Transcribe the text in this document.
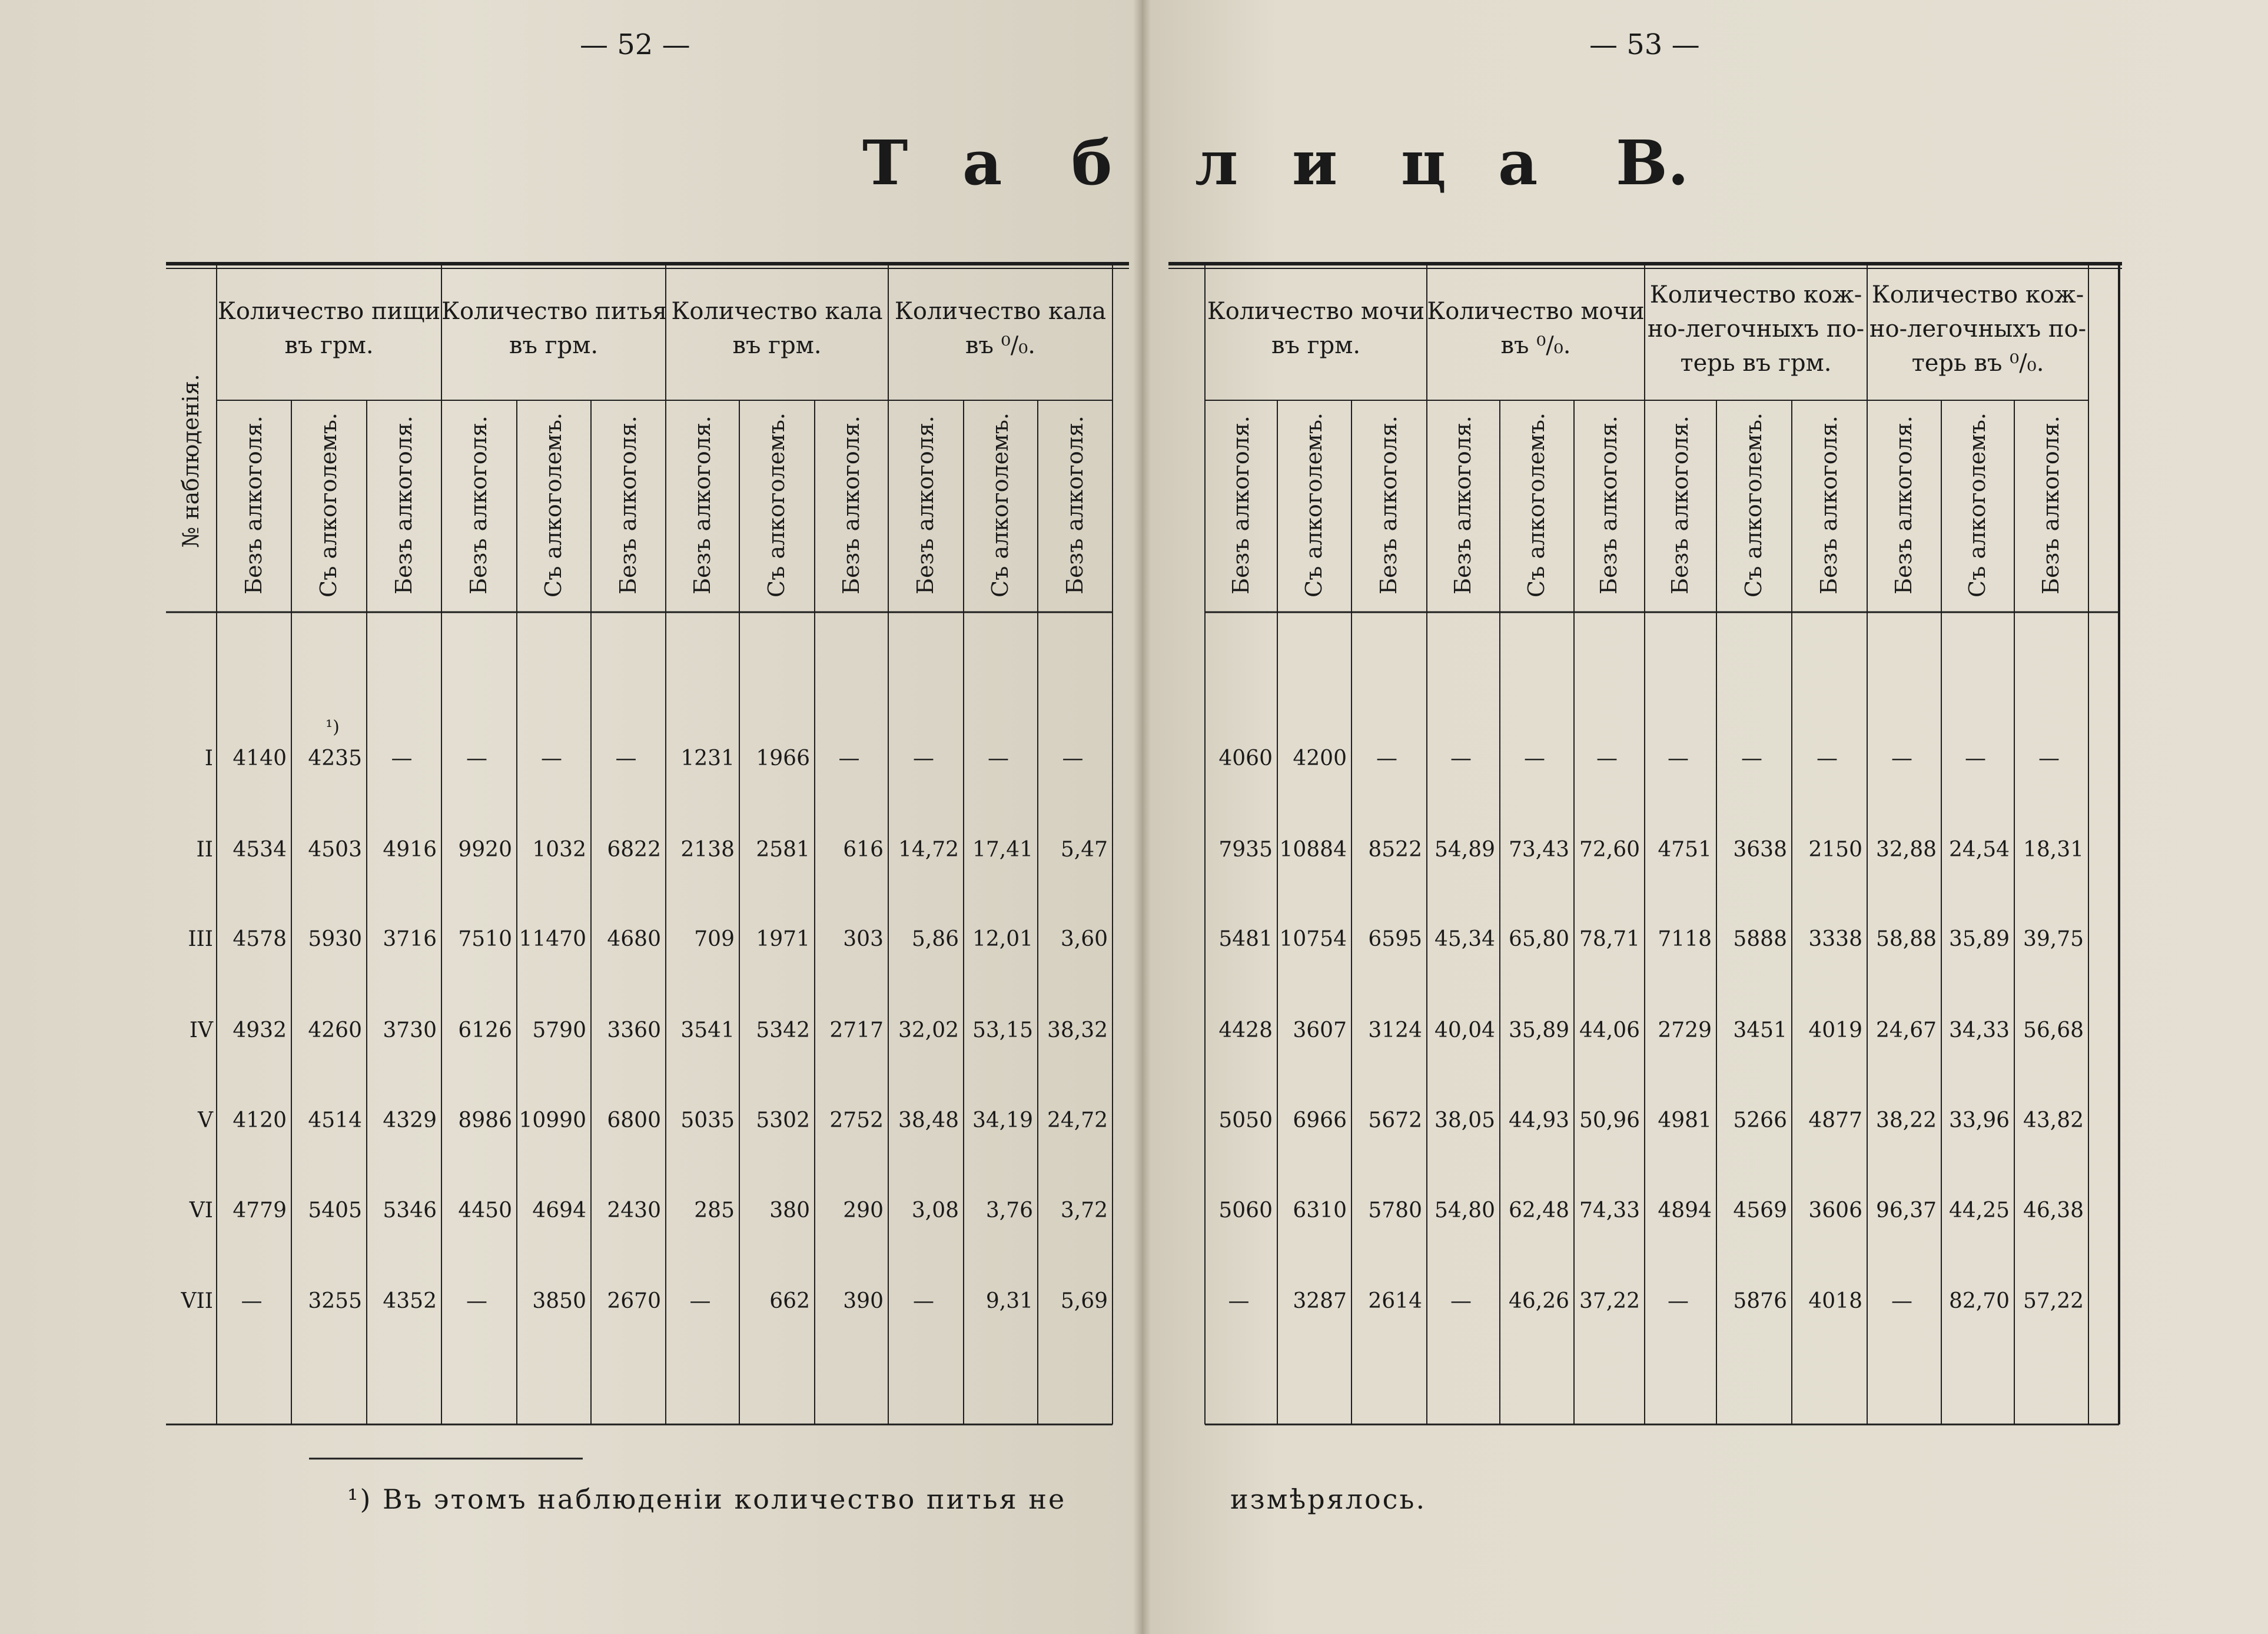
— 52 —	— 53 —
Т а б л и ц а В.
№ наблюденія.
Количество пищи
въ грм.
Количество питья
въ грм.
Количество кала
въ грм.
Количество кала
въ ⁰/₀.
Количество мочи
въ грм.
Количество мочи
въ ⁰/₀.
Количество кож-
но-легочныхъ по-
терь въ грм.
Количество кож-
но-легочныхъ по-
терь въ ⁰/₀.
Безъ алкоголя. Съ алкоголемъ. Безъ алкоголя. Безъ алкоголя. Съ алкоголемъ. Безъ алкоголя. Безъ алкоголя. Съ алкоголемъ. Безъ алкоголя. Безъ алкоголя. Съ алкоголемъ. Безъ алкоголя.	Безъ алкоголя. Съ алкоголемъ. Безъ алкоголя. Безъ алкоголя. Съ алкоголемъ. Безъ алкоголя. Безъ алкоголя. Съ алкоголемъ. Безъ алкоголя. Безъ алкоголя. Съ алкоголемъ. Безъ алкоголя.
¹)
I 4140	4235	—	—	—	—	1231	1966	—	—	—	—	4060 4200	—	—	—	—	—	—	—	—	—	—
II 4534	4503 4916	9920 1032 6822 2138	2581	616 14,72 17,41	5,47	7935 10884	8522 54,89 73,43 72,60 4751	3638	2150 32,88 24,54 18,31
III 4578	5930 3716	7510 11470 4680	709	1971	303	5,86 12,01	3,60	5481 10754	6595 45,34 65,80 78,71 7118	5888	3338 58,88 35,89 39,75
IV 4932	4260 3730	6126 5790 3360 3541	5342 2717 32,02 53,15 38,32	4428 3607	3124 40,04 35,89 44,06 2729	3451	4019 24,67 34,33 56,68
V 4120	4514 4329	8986 10990 6800 5035	5302 2752 38,48 34,19 24,72	5050 6966	5672 38,05 44,93 50,96 4981	5266	4877 38,22 33,96 43,82
VI 4779	5405 5346	4450 4694 2430	285	380	290	3,08	3,76	3,72	5060 6310	5780 54,80 62,48 74,33 4894	4569	3606 96,37 44,25 46,38
VII	—	3255 4352	—	3850 2670	—	662	390	—	9,31	5,69	—	3287	2614	—	46,26 37,22	—	5876	4018	—	82,70 57,22
¹) Въ этомъ наблюденіи количество питья не	измѣрялось.
